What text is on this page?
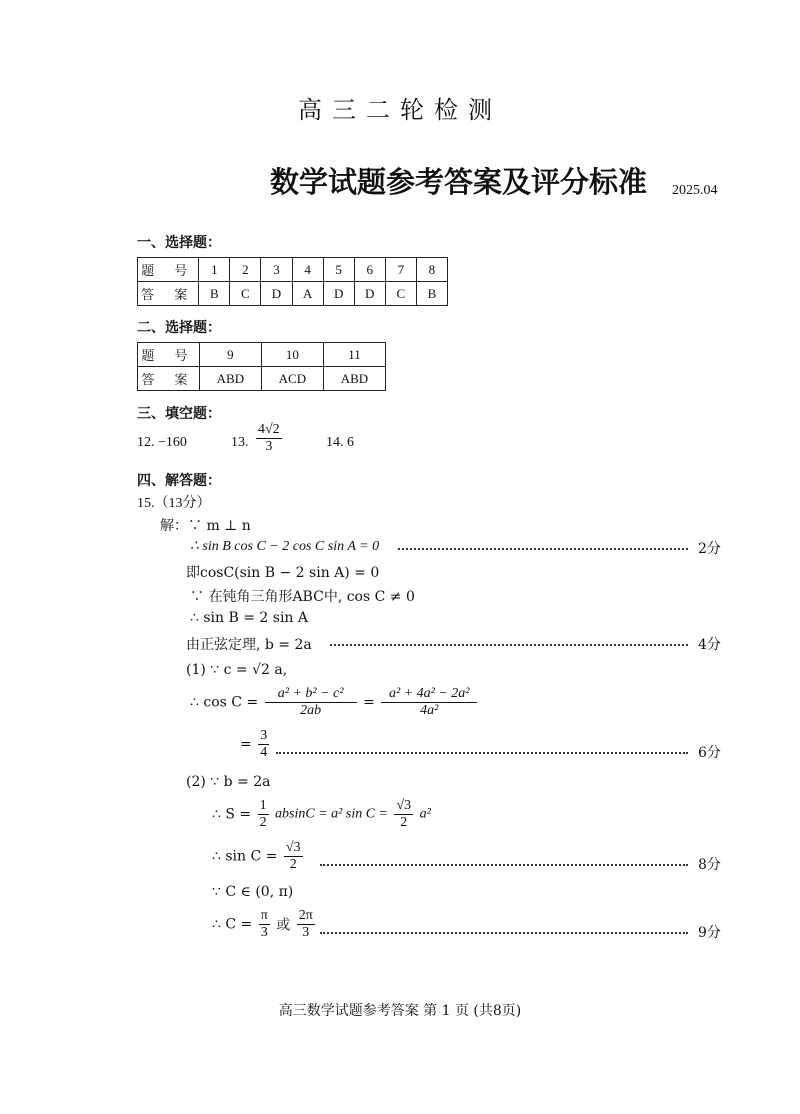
高三二轮检测
数学试题参考答案及评分标准 2025.04
一、选择题：
题 号	1	2	3	4	5	6	7	8
答 案	B	C	D	A	D	D	C	B
二、选择题：
题 号	9	10	11
答 案	ABD	ACD	ABD
三、填空题：
12. −160	13. $\frac{4√2}{3}$	14. 6
四、解答题：
15.（13分）
解：∵ m ⊥ n
∴ sin B cos C − 2 cos C sin A = 0	2分
即cosC(sin B − 2 sin A) = 0
∵ 在钝角三角形ABC中, cos C ≠ 0
∴ sin B = 2 sin A
由正弦定理, b = 2a	4分
(1) ∵ c = √2 a,
∴ $\cos C = \frac{\text{a² + b² − c²}}{2ab} = \frac{\text{a² + 4a² − 2a²}}{\text{4a²}}$
= $\frac{3}{4}$	6分
(2) ∵ b = 2a
∴ $S = \frac{1}{2}$ absinC = a² $\sin C = \frac{√3}{2} a^2$
∴ $\sin C = \frac{√3}{2}$	8分
∵ C ∈ (0, π)
∴ $C = \frac{\pi}{3}$ 或 $\frac{2\pi}{3}$	9分
高三数学试题参考答案 第 1 页 (共8页)
